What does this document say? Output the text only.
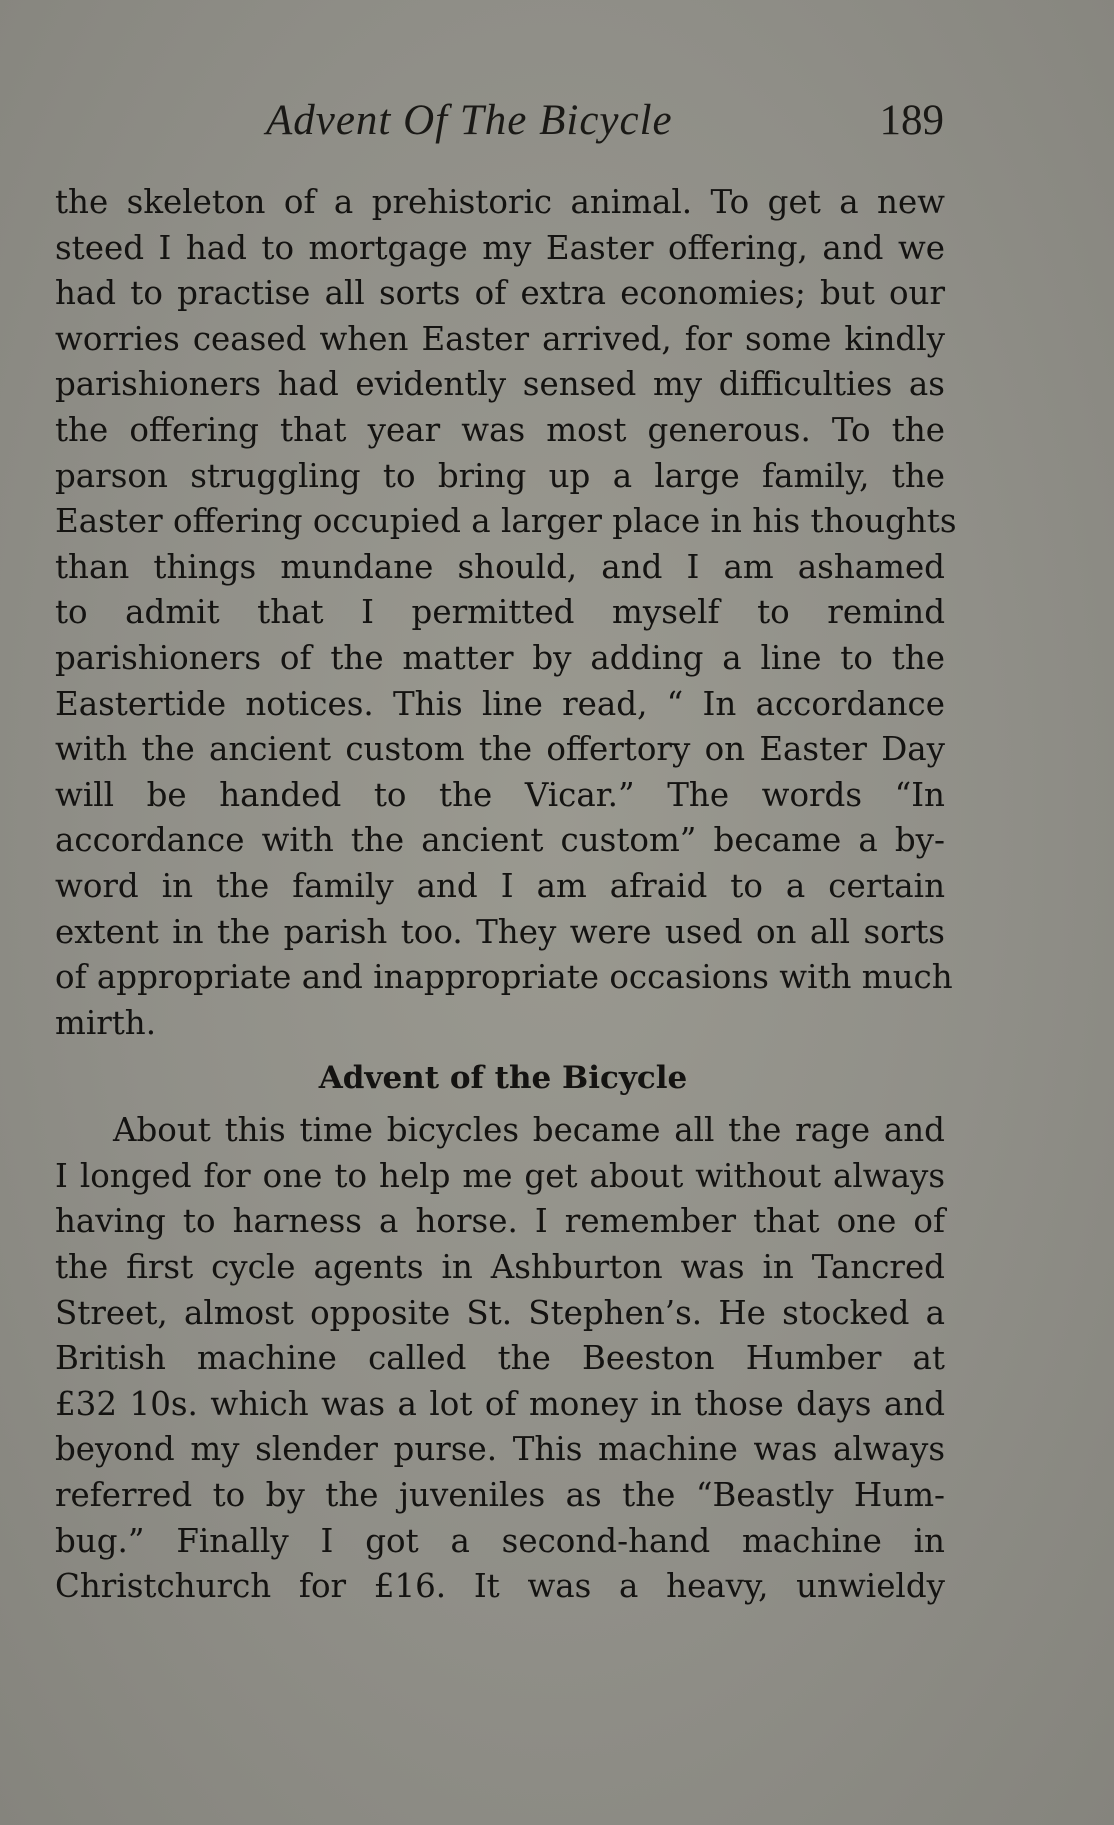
Advent Of The Bicycle	189
the skeleton of a prehistoric animal. To get a new
steed I had to mortgage my Easter offering, and we
had to practise all sorts of extra economies; but our
worries ceased when Easter arrived, for some kindly
parishioners had evidently sensed my difficulties as
the offering that year was most generous. To the
parson struggling to bring up a large family, the
Easter offering occupied a larger place in his thoughts
than things mundane should, and I am ashamed
to admit that I permitted myself to remind
parishioners of the matter by adding a line to the
Eastertide notices. This line read, “ In accordance
with the ancient custom the offertory on Easter Day
will be handed to the Vicar.” The words “In
accordance with the ancient custom” became a by-
word in the family and I am afraid to a certain
extent in the parish too. They were used on all sorts
of appropriate and inappropriate occasions with much
mirth.
Advent of the Bicycle
About this time bicycles became all the rage and
I longed for one to help me get about without always
having to harness a horse. I remember that one of
the first cycle agents in Ashburton was in Tancred
Street, almost opposite St. Stephen’s. He stocked a
British machine called the Beeston Humber at
£32 10s. which was a lot of money in those days and
beyond my slender purse. This machine was always
referred to by the juveniles as the “Beastly Hum-
bug.” Finally I got a second-hand machine in
Christchurch for £16. It was a heavy, unwieldy
